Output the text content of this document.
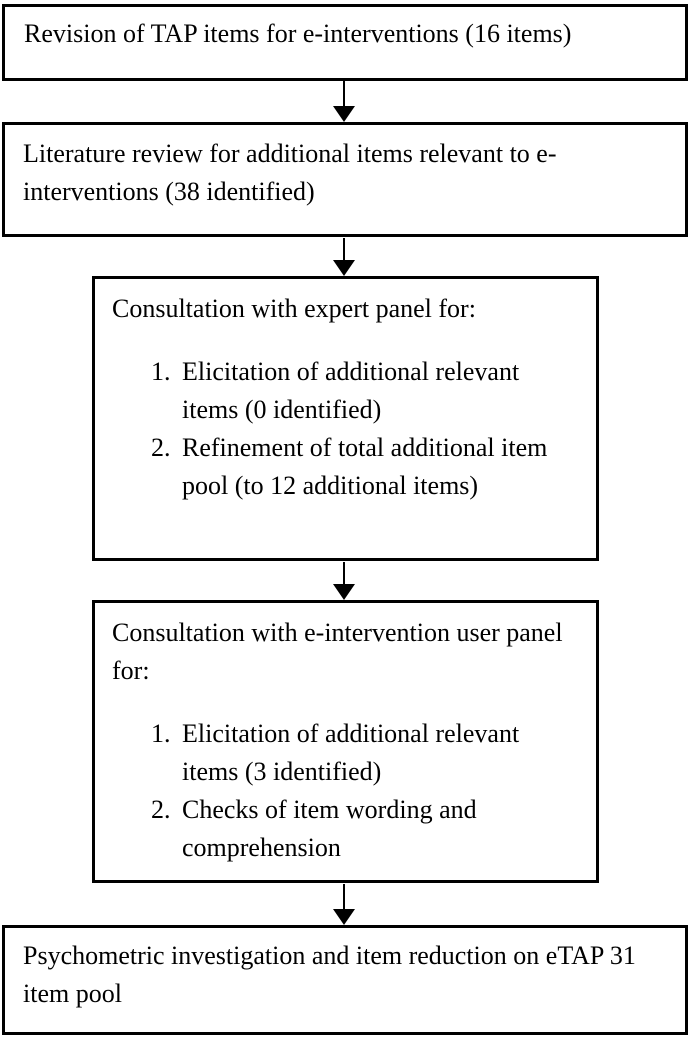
Revision of TAP items for e-interventions (16 items)

Literature review for additional items relevant to e-interventions (38 identified)

Consultation with expert panel for:

1. Elicitation of additional relevant items (0 identified)
2. Refinement of total additional item pool (to 12 additional items)

Consultation with e-intervention user panel for:

1. Elicitation of additional relevant items (3 identified)
2. Checks of item wording and comprehension

Psychometric investigation and item reduction on eTAP 31 item pool
